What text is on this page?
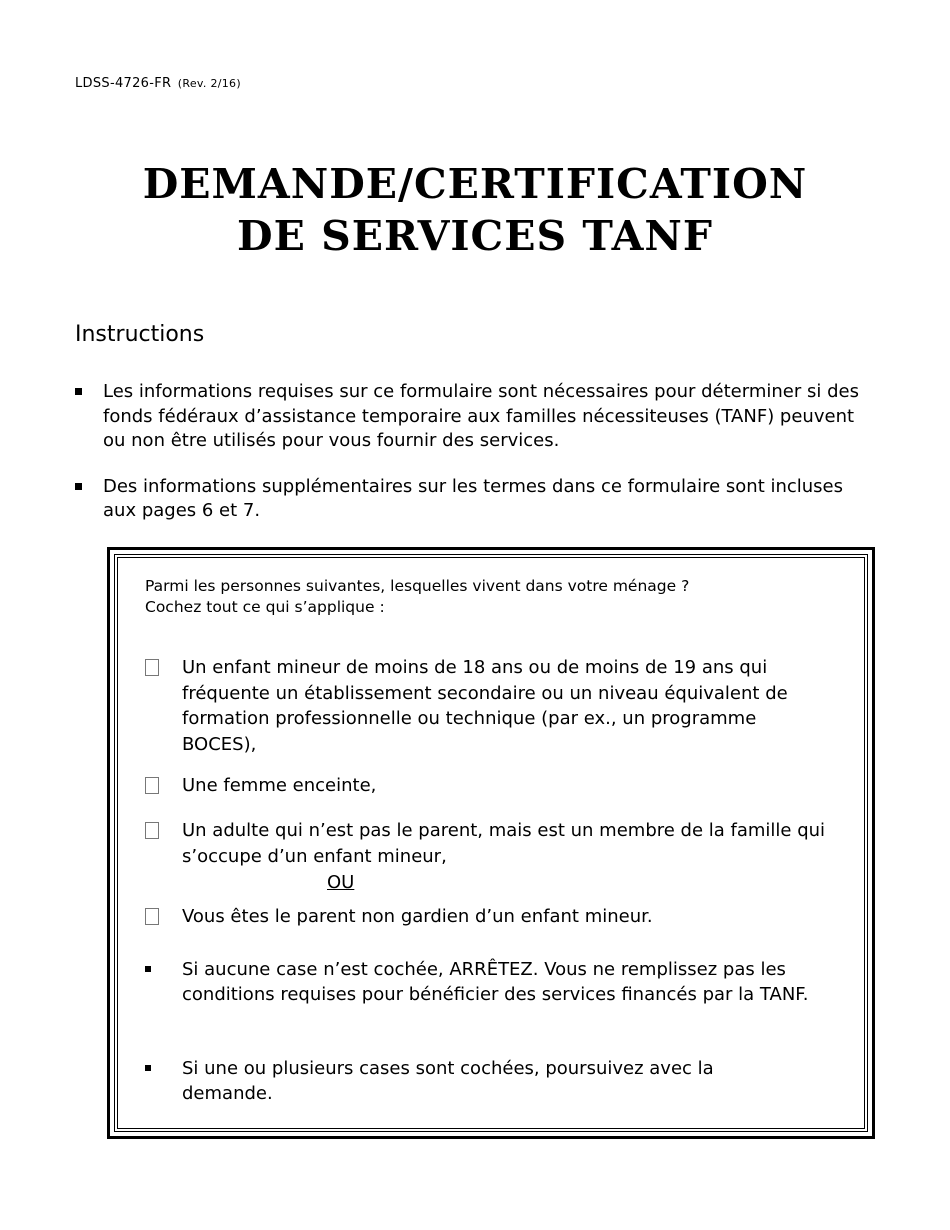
LDSS-4726-FR (Rev. 2/16)
DEMANDE/CERTIFICATION
DE SERVICES TANF
Instructions
Les informations requises sur ce formulaire sont nécessaires pour déterminer si des fonds fédéraux d’assistance temporaire aux familles nécessiteuses (TANF) peuvent ou non être utilisés pour vous fournir des services.
Des informations supplémentaires sur les termes dans ce formulaire sont incluses aux pages 6 et 7.
Parmi les personnes suivantes, lesquelles vivent dans votre ménage ?
Cochez tout ce qui s’applique :
Un enfant mineur de moins de 18 ans ou de moins de 19 ans qui fréquente un établissement secondaire ou un niveau équivalent de formation professionnelle ou technique (par ex., un programme BOCES),
Une femme enceinte,
Un adulte qui n’est pas le parent, mais est un membre de la famille qui s’occupe d’un enfant mineur,
OU
Vous êtes le parent non gardien d’un enfant mineur.
Si aucune case n’est cochée, ARRÊTEZ. Vous ne remplissez pas les conditions requises pour bénéficier des services financés par la TANF.
Si une ou plusieurs cases sont cochées, poursuivez avec la demande.
